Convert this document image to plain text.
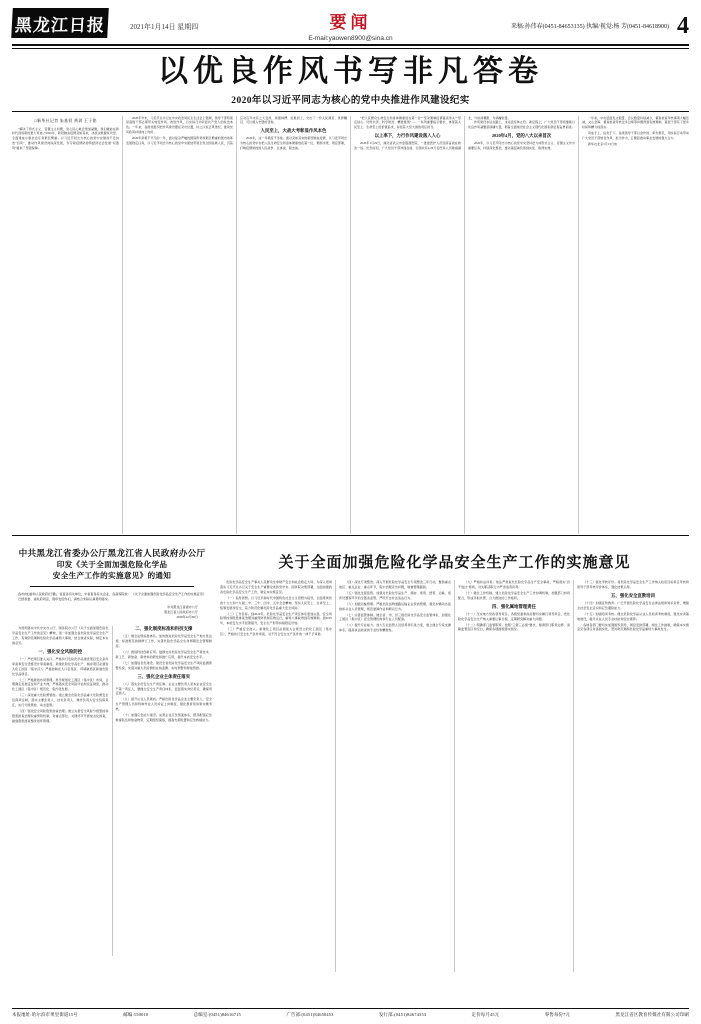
黑龙江日报	2021年1月14日 星期四	要闻
E-mail:yaowen8900@sina.cn
来稿:孙伟春(0451-84653135) 执编/视觉:杨 芳(0451-84618900) 4
以优良作风书写非凡答卷
2020年以习近平同志为核心的党中央推进作风建设纪实
□新华社记者 朱基钗 黄玥 王子铭

“解决了形式主义、官僚主义问题，党心民心就会更加凝聚，我们就能在新时代创造新的更大奇迹。”2020年，新冠肺炎疫情突如其来，决战决胜脱贫攻坚、全面建成小康社会任务艰巨繁重。以习近平同志为核心的党中央驰而不息纠治“四风”，推动作风建设向纵深发展，为夺取疫情防控和经济社会发展“双胜利”提供了坚强保障。

2020年岁末，习近平总书记在中央政治局民主生活会上强调，领导干部特别是高级干部必须带头转变作风、改进作风，以实际行动彰显共产党人的政治本色。一年来，各级党组织把作风建设摆在突出位置，持之以恒正风肃纪，推动党风政风持续向上向好。

2020年是极不平凡的一年，面对复杂严峻的国际形势和艰巨繁重的国内改革发展稳定任务，以习近平同志为核心的党中央团结带领全党全国各族人民，沉着应对百年未有之大变局，顽强拼搏、迎难而上，交出了一份人民满意、世界瞩目、可以载入史册的答卷。

人民至上，大战大考彰显作风本色

2020年，这一年极度不寻常。面对突如其来的新冠肺炎疫情，以习近平同志为核心的党中央把人民生命安全和身体健康放在第一位，果断决策，周密部署，打响疫情防控的人民战争、总体战、阻击战。

“把人民群众生命安全和身体健康放在第一位”“坚决遏制疫情蔓延势头”“坚定信心、同舟共济、科学防治、精准施策”……一系列重要指示要求，体现着人民至上、生命至上的价值追求，彰显着大党大国的责任担当。

以上率下，力行作风建设落入人心

2020年1月29日，湖北省武汉市金银潭医院，一批批医护人员连续奋战在救治一线。危急时刻，广大党员干部冲锋在前，全国共有4.26万名医务人员驰援湖北，与时间赛跑、与病魔较量。

作风建设永远在路上，永远没有休止符。新征程上，广大党员干部将继续以优良作风凝聚起磅礴力量，朝着全面建设社会主义现代化国家新征程奋勇前进。

2020年4月，党的八大以来首次

2020年，以习近平同志为核心的党中央坚持把力戒形式主义、官僚主义作为重要任务，持续深化整治，推动基层减负落到实处、取得实效。

一年来，中央层面发文数量、会议数量持续减少，督查检查考核事项大幅压减，文山会海、督查检查考核过多过频等问题得到有效遏制，基层干部有了更多时间和精力抓落实。

风成于上，俗化于下。各级领导干部以身作则、率先垂范，用实际行动带动广大党员干部转变作风、担当作为，汇聚起推动事业发展的强大合力。

新华社北京1月13日电

中共黑龙江省委办公厅黑龙江省人民政府办公厅
印发《关于全面加强危险化学品
安全生产工作的实施意见》的通知

各市(地)委和人民政府(行署)，省直各有关单位，中省直各有关企业，各高等院校： 《关于全面加强危险化学品安全生产工作的实施意见》已经省委、省政府同意，现印发给你们，请结合实际认真贯彻落实。

中共黑龙江省委办公厅
黑龙江省人民政府办公厅
2020年12月30日

为贯彻落实中共中央办公厅、国务院办公厅《关于全面加强危险化学品安全生产工作的意见》精神，进一步加强全省危险化学品安全生产工作，有效防范遏制危险化学品重特大事故，结合我省实际，制定本实施意见。

一、强化安全风险防控

（一）严把项目准入关口。严格执行危险化学品建设项目安全条件审查和安全设施设计审查制度。新建危险化学品生产、储存项目必须进入化工园区（集中区）。严格控制在人口密集区、环境敏感区新建危险化学品项目。

（二）严格规划布局管理。科学规划化工园区（集中区）布局，合理确定发展定位和产业方向，严格落实安全风险评估和论证制度，推动化工园区（集中区）规范化、集约化发展。

（三）深化重大危险源管控。建立健全危险化学品重大危险源安全包保责任制，落实主要负责人、技术负责人、操作负责人安全包保责任，实行分级管控、动态监管。

（四）强化安全风险隐患排查治理。建立完善安全风险分级管控和隐患排查治理双重预防机制，对重点部位、关键环节开展常态化排查，做到隐患排查整改闭环管理。

二、强化制度标准和科技支撑

（五）健全法规标准体系。加快推进危险化学品安全生产地方性法规、标准规范的制修订工作，完善危险化学品全生命周期安全管理制度。

（六）推进科技创新应用。鼓励支持危险化学品安全生产新技术、新工艺、新装备、新材料的研发和推广应用，提升本质安全水平。

（七）加强信息化建设。建设全省危险化学品安全生产风险监测预警系统，实现对重大危险源的在线监测、实时预警和智能管控。

三、强化企业主体责任落实

（八）落实全员安全生产责任制。企业主要负责人是本企业安全生产第一责任人，要健全安全生产责任体系，层层落实岗位责任，确保责任到人。

（九）提升从业人员素质。严格危险化学品企业主要负责人、安全生产管理人员和特种作业人员持证上岗制度，强化教育培训和实操考核。

（十）加强应急能力建设。完善企业应急预案体系，配齐配强应急救援队伍和装备物资，定期组织演练，提高先期处置和应急救援能力。

关于全面加强危险化学品安全生产工作的实施意见

危险化学品安全生产事关人民群众生命财产安全和社会稳定大局。为深入贯彻落实习近平总书记关于安全生产重要论述和党中央、国务院决策部署，全面加强我省危险化学品安全生产工作，制定本实施意见。

（一）指导思想。以习近平新时代中国特色社会主义思想为指导，全面贯彻党的十九大和十九届二中、三中、四中、五中全会精神，坚持人民至上、生命至上，统筹发展和安全，着力防范化解危险化学品重大安全风险。

（二）工作目标。到2022年，危险化学品安全生产责任体系更加完善，安全风险管控和隐患排查治理双重预防机制有效运行，重特大事故得到有效遏制。到2025年，本质安全水平显著提升，安全生产形势持续稳定好转。

（三）严格安全准入。新建化工项目必须进入合规设立的化工园区（集中区），严格执行安全生产条件审查，对不符合安全生产条件的一律不予审批。

（四）深化专项整治。深入开展危险化学品安全专项整治三年行动，聚焦重点地区、重点企业、重点环节，集中治理突出问题，堵塞管理漏洞。

（五）强化过程监管。加强对危险化学品生产、储存、使用、经营、运输、废弃处置等环节的全链条监管，严厉打击非法违法行为。

（六）加强运输管理。严格危险货物道路运输企业资质管理，强化车辆动态监控和从业人员管理，规范装卸作业和押运行为。

（七）完善监管体制。健全省、市、县三级危险化学品安全监管体系，加强化工园区（集中区）安全管理机构和专业人员配备。

（八）提升专业能力。加大专业监管人员培养和引进力度，建立健全专家支撑体系，提高执法检查的专业性和精准性。

（九）严格执法问责。依法严肃查处危险化学品生产安全事故，严格落实“四不放过”原则，对失职渎职行为严肃追责问责。

（十）健全工作机制。建立危险化学品安全生产工作协调机制，加强部门协同配合，形成齐抓共管、合力推进的工作格局。

四、强化属地管理责任

（十一）压实地方党政领导责任。各级党委和政府要切实履行领导责任，把危险化学品安全生产纳入重要议事日程，定期研究解决重大问题。

（十二）明确部门监管职责。按照“三管三必须”要求，厘清部门职责边界，消除监管盲区和空白，确保各项措施落实到位。

（十三）强化考核评价。将危险化学品安全生产工作纳入政府目标责任考核和领导干部考核评价体系，强化结果运用。

五、强化安全宣教培训

（十四）加强宣传教育。广泛开展危险化学品安全法律法规和知识宣传，增强全社会安全意识和应急避险能力。

（十五）加强培训考核。健全危险化学品从业人员培训考核制度，强化实训基地建设，提升从业人员专业技能和安全素养。

各地各部门要切实加强组织领导，周密安排部署，细化工作措施，确保本实施意见各项任务落到实处，坚决防范遏制危险化学品重特大事故发生。

本报地址:哈尔滨市果里街道15号	邮编:150010	总编室:(0451)84616715	广告部:(0451)84650453	发行部:(0451)84674553	定价每月45元	零售每份7元	黑龙江省区教育传媒社有限公司印刷
